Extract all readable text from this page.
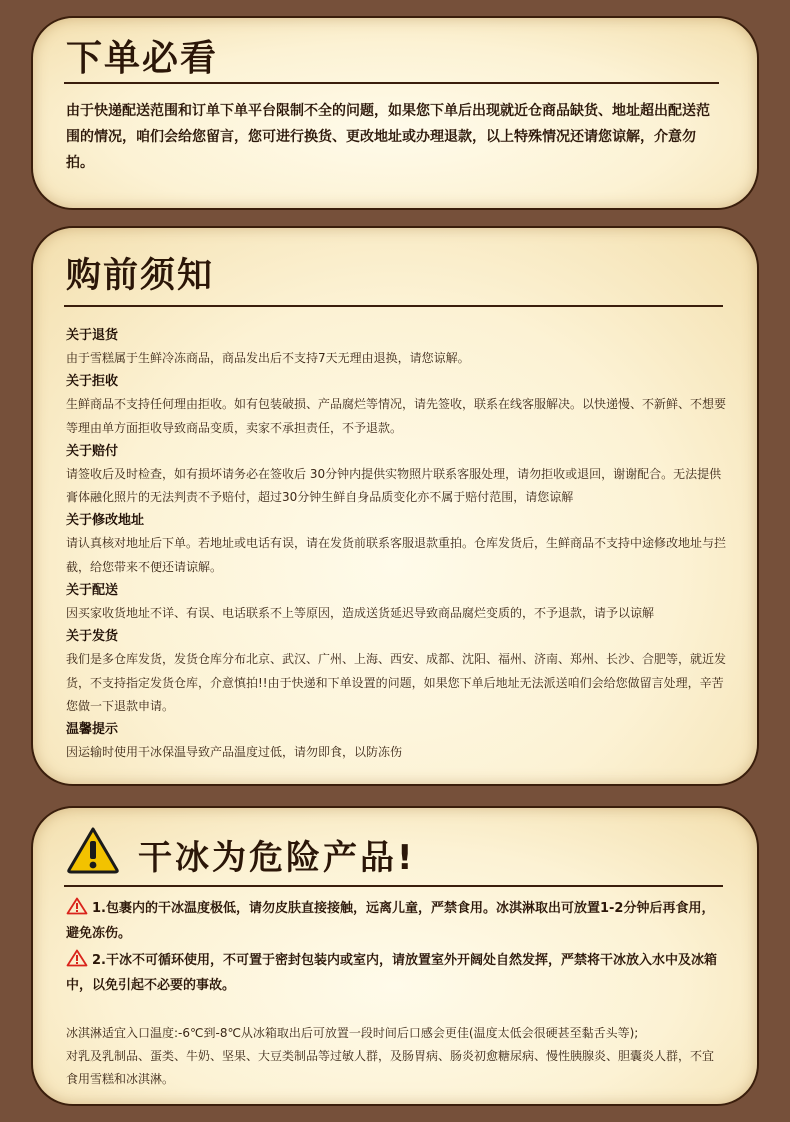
下单必看

由于快递配送范围和订单下单平台限制不全的问题，如果您下单后出现就近仓商品缺货、地址超出配送范围的情况，咱们会给您留言，您可进行换货、更改地址或办理退款，以上特殊情况还请您谅解，介意勿拍。

购前须知

关于退货

由于雪糕属于生鲜冷冻商品，商品发出后不支持7天无理由退换，请您谅解。

关于拒收

生鲜商品不支持任何理由拒收。如有包装破损、产品腐烂等情况，请先签收，联系在线客服解决。以快递慢、不新鲜、不想要等理由单方面拒收导致商品变质，卖家不承担责任，不予退款。

关于赔付

请签收后及时检查，如有损坏请务必在签收后 30分钟内提供实物照片联系客服处理，请勿拒收或退回，谢谢配合。无法提供膏体融化照片的无法判责不予赔付，超过30分钟生鲜自身品质变化亦不属于赔付范围，请您谅解

关于修改地址

请认真核对地址后下单。若地址或电话有误，请在发货前联系客服退款重拍。仓库发货后，生鲜商品不支持中途修改地址与拦截，给您带来不便还请谅解。

关于配送

因买家收货地址不详、有误、电话联系不上等原因，造成送货延迟导致商品腐烂变质的，不予退款，请予以谅解

关于发货

我们是多仓库发货，发货仓库分布北京、武汉、广州、上海、西安、成都、沈阳、福州、济南、郑州、长沙、合肥等，就近发货，不支持指定发货仓库，介意慎拍!!由于快递和下单设置的问题，如果您下单后地址无法派送咱们会给您做留言处理，辛苦您做一下退款申请。

温馨提示

因运输时使用干冰保温导致产品温度过低，请勿即食，以防冻伤

干冰为危险产品!

1.包裹内的干冰温度极低，请勿皮肤直接接触，远离儿童，严禁食用。冰淇淋取出可放置1-2分钟后再食用，避免冻伤。

2.干冰不可循环使用，不可置于密封包装内或室内，请放置室外开阔处自然发挥，严禁将干冰放入水中及冰箱中，以免引起不必要的事故。

冰淇淋适宜入口温度:-6℃到-8℃从冰箱取出后可放置一段时间后口感会更佳(温度太低会很硬甚至黏舌头等);

对乳及乳制品、蛋类、牛奶、坚果、大豆类制品等过敏人群，及肠胃病、肠炎初愈糖尿病、慢性胰腺炎、胆囊炎人群，不宜食用雪糕和冰淇淋。
